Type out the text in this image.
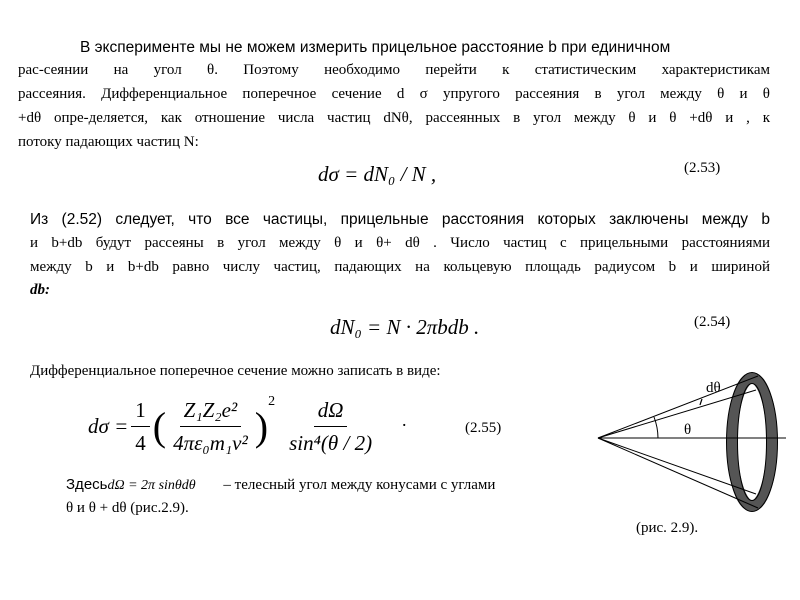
В эксперименте мы не можем измерить прицельное расстояние b при единичном
рас-сеянии на угол θ. Поэтому необходимо перейти к статистическим характеристикам
рассеяния. Дифференциальное поперечное сечение d σ упругого рассеяния в угол между θ и θ
+dθ опре-деляется, как отношение числа частиц dNθ, рассеянных в угол между θ и θ +dθ и , к
потоку падающих частиц N:
dσ = dN₀ / N ,	(2.53)
Из (2.52) следует, что все частицы, прицельные расстояния которых заключены между b
и b+db будут рассеяны в угол между θ и θ+ dθ . Число частиц с прицельными расстояниями
между b и b+db равно числу частиц, падающих на кольцевую площадь радиусом b и шириной
db:
dN₀ = N · 2πbdb .	(2.54)
Дифференциальное поперечное сечение можно записать в виде:
$d\sigma = \frac{1}{4}$ ( $\frac{\text{Z₁Z₂e²}}{\text{4πε₀m₁v²}}$ )
$^2 \frac{d\Omega}{\text{sin⁴(θ / 2)}}$ .	(2.55)
ЗдесьdΩ = 2π sinθdθ – телесный угол между конусами с углами
θ и θ + dθ (рис.2.9).
dθ
θ
(рис. 2.9).
